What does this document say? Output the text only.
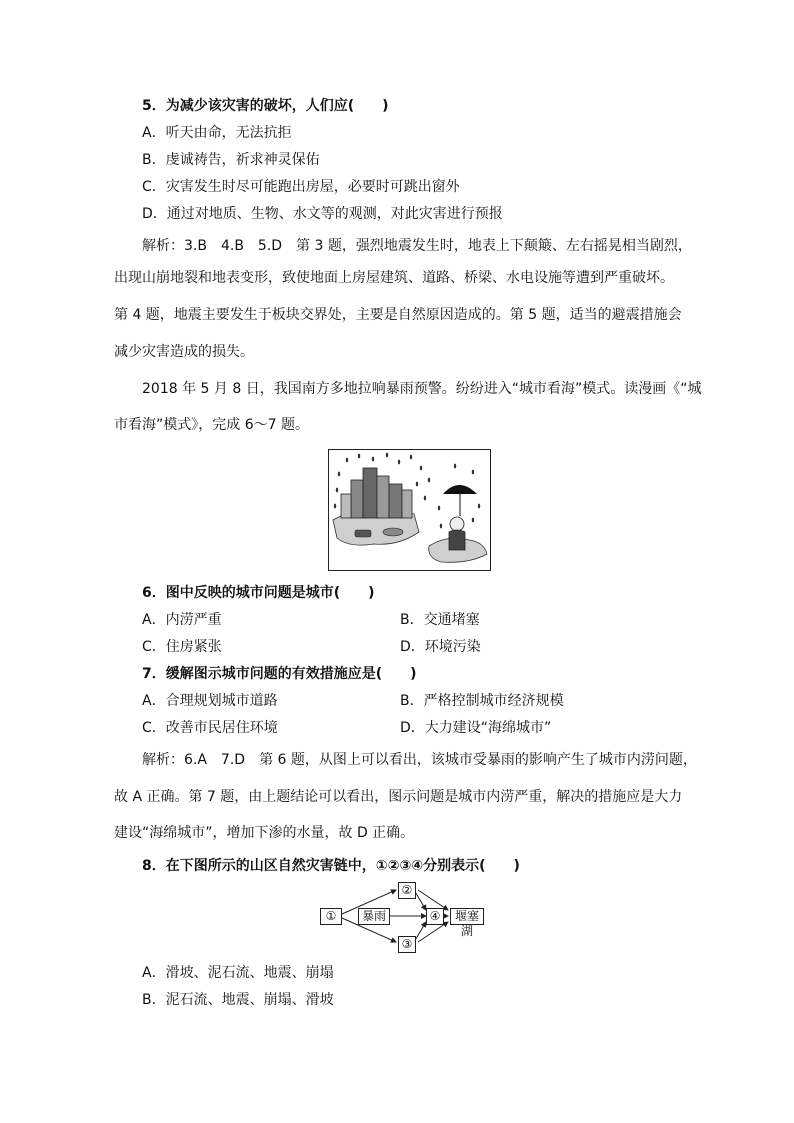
5．为减少该灾害的破坏，人们应(　　)
A．听天由命，无法抗拒
B．虔诚祷告，祈求神灵保佑
C．灾害发生时尽可能跑出房屋，必要时可跳出窗外
D．通过对地质、生物、水文等的观测，对此灾害进行预报
解析：3.B　4.B　5.D　第 3 题，强烈地震发生时，地表上下颠簸、左右摇晃相当剧烈，
出现山崩地裂和地表变形，致使地面上房屋建筑、道路、桥梁、水电设施等遭到严重破坏。
第 4 题，地震主要发生于板块交界处，主要是自然原因造成的。第 5 题，适当的避震措施会
减少灾害造成的损失。
2018 年 5 月 8 日，我国南方多地拉响暴雨预警。纷纷进入“城市看海”模式。读漫画《“城
市看海”模式》，完成 6～7 题。
6．图中反映的城市问题是城市(　　)
A．内涝严重	B．交通堵塞
C．住房紧张	D．环境污染
7．缓解图示城市问题的有效措施应是(　　)
A．合理规划城市道路	B．严格控制城市经济规模
C．改善市民居住环境	D．大力建设“海绵城市”
解析：6.A　7.D　第 6 题，从图上可以看出，该城市受暴雨的影响产生了城市内涝问题，
故 A 正确。第 7 题，由上题结论可以看出，图示问题是城市内涝严重，解决的措施应是大力
建设“海绵城市”，增加下渗的水量，故 D 正确。
8．在下图所示的山区自然灾害链中，①②③④分别表示(　　)
①
②
暴雨	④
③
堰塞湖
A．滑坡、泥石流、地震、崩塌
B．泥石流、地震、崩塌、滑坡
